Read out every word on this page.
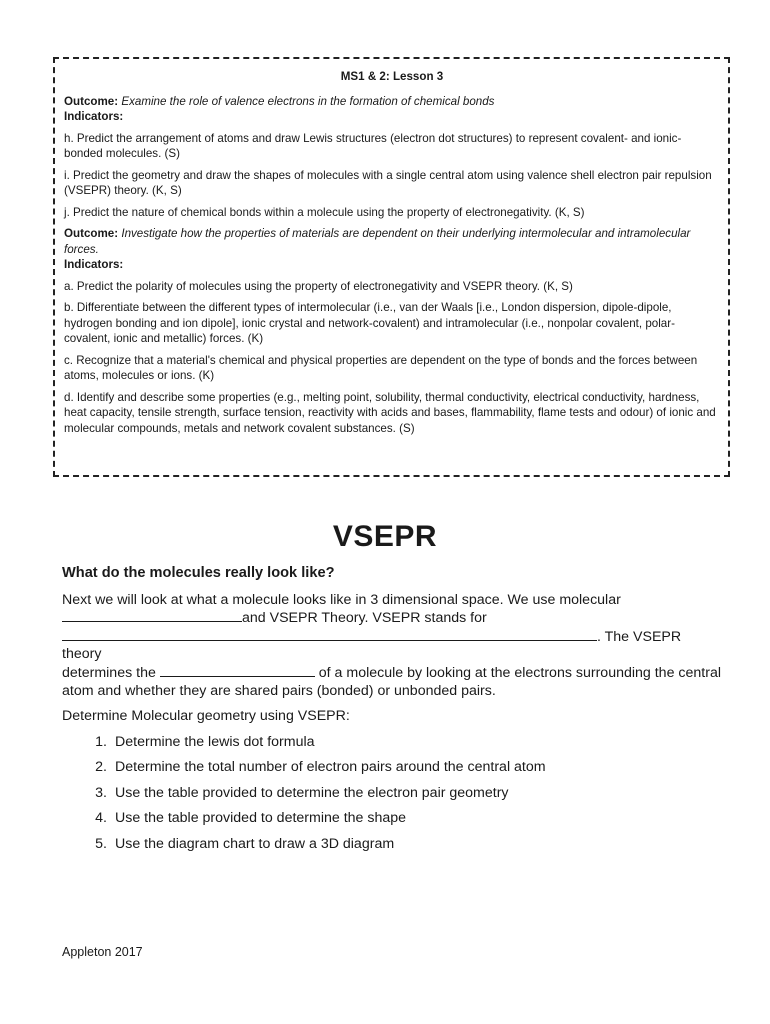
MS1 & 2: Lesson 3

Outcome: Examine the role of valence electrons in the formation of chemical bonds

Indicators:

h. Predict the arrangement of atoms and draw Lewis structures (electron dot structures) to represent covalent- and ionic-bonded molecules. (S)

i. Predict the geometry and draw the shapes of molecules with a single central atom using valence shell electron pair repulsion (VSEPR) theory. (K, S)

j. Predict the nature of chemical bonds within a molecule using the property of electronegativity. (K, S)

Outcome: Investigate how the properties of materials are dependent on their underlying intermolecular and intramolecular forces.

Indicators:

a. Predict the polarity of molecules using the property of electronegativity and VSEPR theory. (K, S)

b. Differentiate between the different types of intermolecular (i.e., van der Waals [i.e., London dispersion, dipole-dipole, hydrogen bonding and ion dipole], ionic crystal and network-covalent) and intramolecular (i.e., nonpolar covalent, polar-covalent, ionic and metallic) forces. (K)

c. Recognize that a material's chemical and physical properties are dependent on the type of bonds and the forces between atoms, molecules or ions. (K)

d. Identify and describe some properties (e.g., melting point, solubility, thermal conductivity, electrical conductivity, hardness, heat capacity, tensile strength, surface tension, reactivity with acids and bases, flammability, flame tests and odour) of ionic and molecular compounds, metals and network covalent substances. (S)

VSEPR

What do the molecules really look like?

Next we will look at what a molecule looks like in 3 dimensional space. We use molecular
and VSEPR Theory. VSEPR stands for
. The VSEPR theory
determines the	of a molecule by looking at the electrons surrounding the central atom and whether they are shared pairs (bonded) or unbonded pairs.

Determine Molecular geometry using VSEPR:

1. Determine the lewis dot formula
2. Determine the total number of electron pairs around the central atom
3. Use the table provided to determine the electron pair geometry
4. Use the table provided to determine the shape
5. Use the diagram chart to draw a 3D diagram
Appleton 2017
